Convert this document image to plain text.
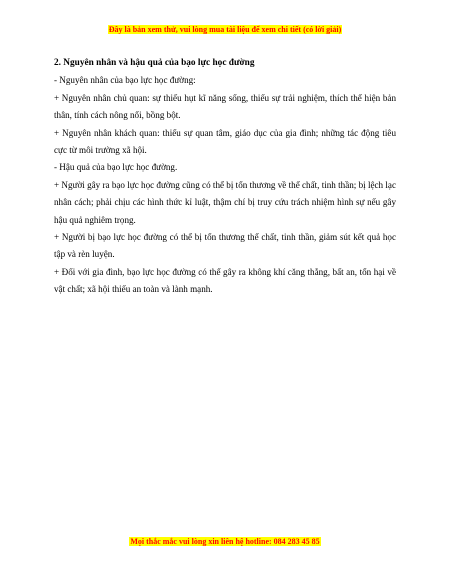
Đây là bản xem thử, vui lòng mua tài liệu để xem chi tiết (có lời giải)
2. Nguyên nhân và hậu quả của bạo lực học đường

- Nguyên nhân của bạo lực học đường:

+ Nguyên nhân chủ quan: sự thiếu hụt kĩ năng sống, thiếu sự trải nghiệm, thích thể hiện bản thân, tính cách nông nổi, bồng bột.

+ Nguyên nhân khách quan: thiếu sự quan tâm, giáo dục của gia đình; những tác động tiêu cực từ môi trường xã hội.

- Hậu quả của bạo lực học đường.

+ Người gây ra bạo lực học đường cũng có thể bị tổn thương về thể chất, tinh thần; bị lệch lạc nhân cách; phải chịu các hình thức kỉ luật, thậm chí bị truy cứu trách nhiệm hình sự nếu gây hậu quả nghiêm trọng.

+ Người bị bạo lực học đường có thể bị tổn thương thể chất, tinh thần, giảm sút kết quả học tập và rèn luyện.

+ Đối với gia đình, bạo lực học đường có thể gây ra không khí căng thẳng, bất an, tổn hại về vật chất; xã hội thiếu an toàn và lành mạnh.

Mọi thắc mắc vui lòng xin liên hệ hotline: 084 283 45 85
